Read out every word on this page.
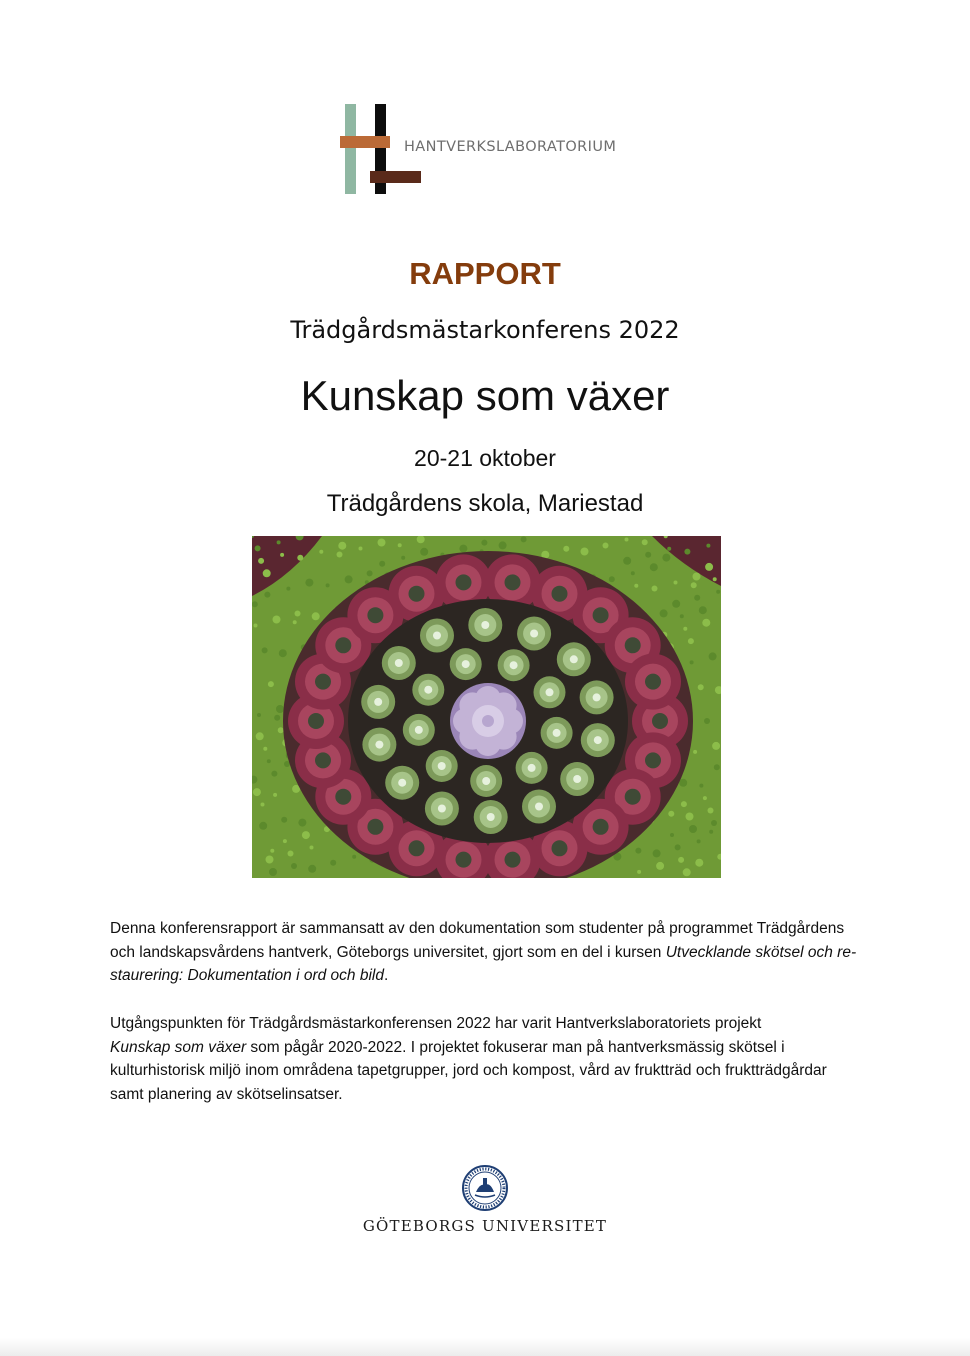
HANTVERKSLABORATORIUM
RAPPORT
Trädgårdsmästarkonferens 2022
Kunskap som växer
20-21 oktober
Trädgårdens skola, Mariestad
Denna konferensrapport är sammansatt av den dokumentation som studenter på programmet Trädgårdens
och landskapsvårdens hantverk, Göteborgs universitet, gjort som en del i kursen Utvecklande skötsel och re-
staurering: Dokumentation i ord och bild.
Utgångspunkten för Trädgårdsmästarkonferensen 2022 har varit Hantverkslaboratoriets projekt
Kunskap som växer som pågår 2020-2022. I projektet fokuserar man på hantverksmässig skötsel i
kulturhistorisk miljö inom områdena tapetgrupper, jord och kompost, vård av fruktträd och fruktträdgårdar
samt planering av skötselinsatser.
GÖTEBORGS UNIVERSITET
